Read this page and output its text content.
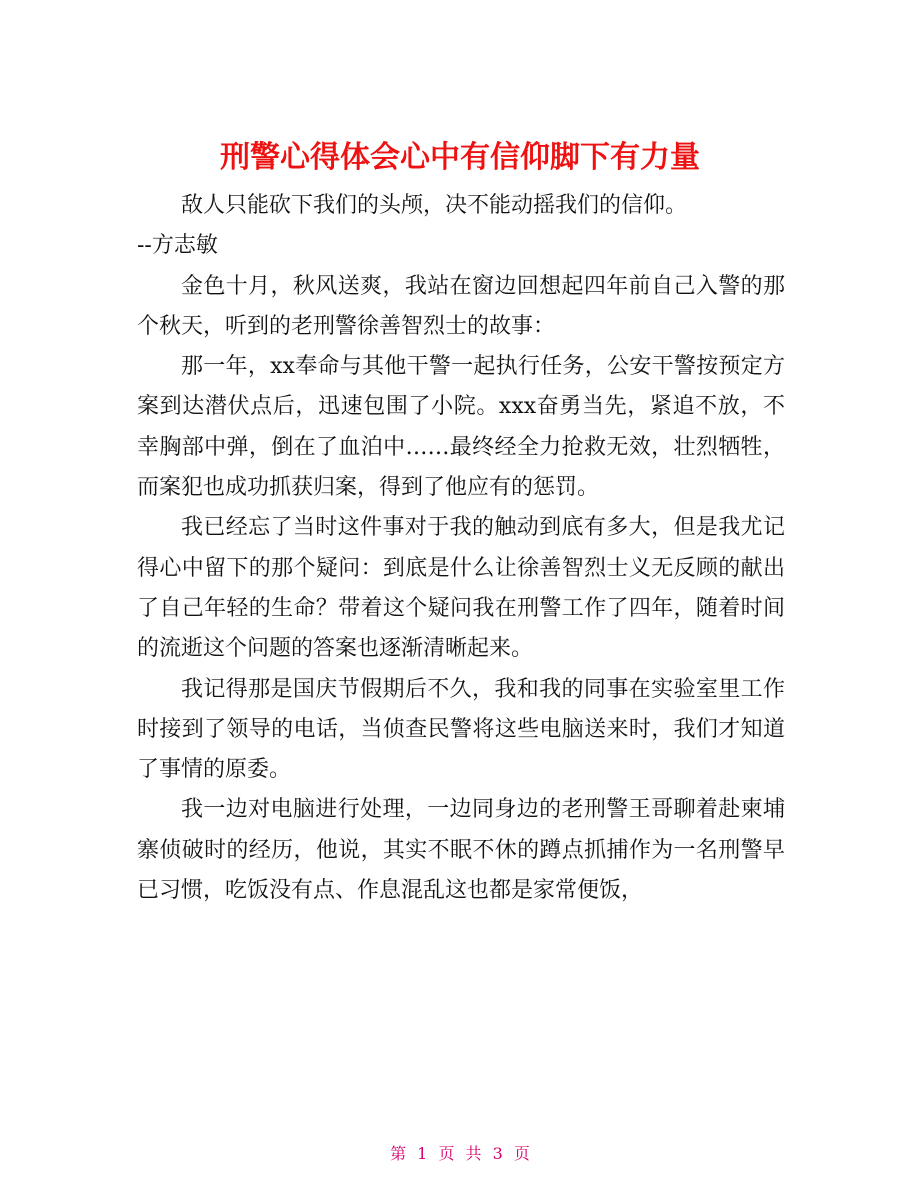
刑警心得体会心中有信仰脚下有力量

敌人只能砍下我们的头颅，决不能动摇我们的信仰。

--方志敏

金色十月，秋风送爽，我站在窗边回想起四年前自己入警的那个秋天，听到的老刑警徐善智烈士的故事：

那一年，xx奉命与其他干警一起执行任务，公安干警按预定方案到达潜伏点后，迅速包围了小院。xxx奋勇当先，紧追不放，不幸胸部中弹，倒在了血泊中……最终经全力抢救无效，壮烈牺牲，而案犯也成功抓获归案，得到了他应有的惩罚。

我已经忘了当时这件事对于我的触动到底有多大，但是我尤记得心中留下的那个疑问：到底是什么让徐善智烈士义无反顾的献出了自己年轻的生命？带着这个疑问我在刑警工作了四年，随着时间的流逝这个问题的答案也逐渐清晰起来。

我记得那是国庆节假期后不久，我和我的同事在实验室里工作时接到了领导的电话，当侦查民警将这些电脑送来时，我们才知道了事情的原委。

我一边对电脑进行处理，一边同身边的老刑警王哥聊着赴柬埔寨侦破时的经历，他说，其实不眠不休的蹲点抓捕作为一名刑警早已习惯，吃饭没有点、作息混乱这也都是家常便饭，

第 1 页 共 3 页
